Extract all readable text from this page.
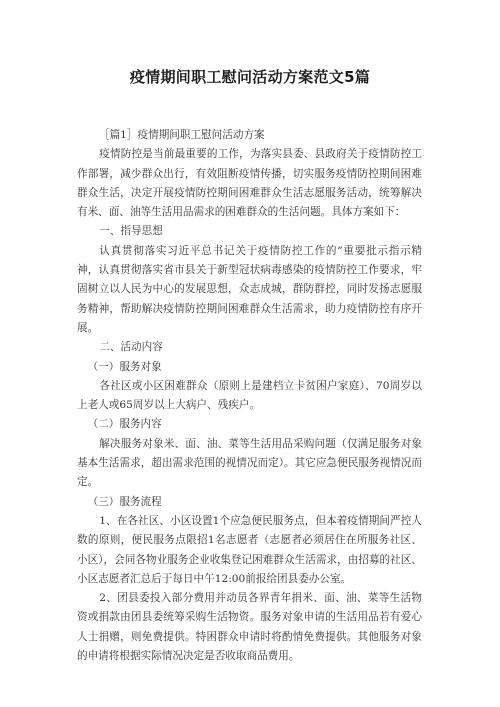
疫情期间职工慰问活动方案范文5篇

［篇1］疫情期间职工慰问活动方案

疫情防控是当前最重要的工作，为落实县委、县政府关于疫情防控工作部署，减少群众出行，有效阻断疫情传播，切实服务疫情防控期间困难群众生活，决定开展疫情防控期间困难群众生活志愿服务活动，统筹解决有米、面、油等生活用品需求的困难群众的生活问题。具体方案如下：

一、指导思想

认真贯彻落实习近平总书记关于疫情防控工作的”重要批示指示精神，认真贯彻落实省市县关于新型冠状病毒感染的疫情防控工作要求，牢固树立以人民为中心的发展思想，众志成城，群防群控，同时发扬志愿服务精神，帮助解决疫情防控期间困难群众生活需求，助力疫情防控有序开展。

二、活动内容

（一）服务对象

各社区或小区困难群众（原则上是建档立卡贫困户家庭）、70周岁以上老人或65周岁以上大病户、残疾户。

（二）服务内容

解决服务对象米、面、油、菜等生活用品采购问题（仅满足服务对象基本生活需求，超出需求范围的视情况而定）。其它应急便民服务视情况而定。

（三）服务流程

1、在各社区、小区设置1个应急便民服务点，但本着疫情期间严控人数的原则，便民服务点限招1名志愿者（志愿者必须居住在所服务社区、小区），会同各物业服务企业收集登记困难群众生活需求，由招募的社区、小区志愿者汇总后于每日中午12:00前报给团县委办公室。

2、团县委投入部分费用并动员各界青年捐米、面、油、菜等生活物资或捐款由团县委统筹采购生活物资。服务对象申请的生活用品若有爱心人士捐赠，则免费提供。特困群众申请时将酌情免费提供。其他服务对象的申请将根据实际情况决定是否收取商品费用。
